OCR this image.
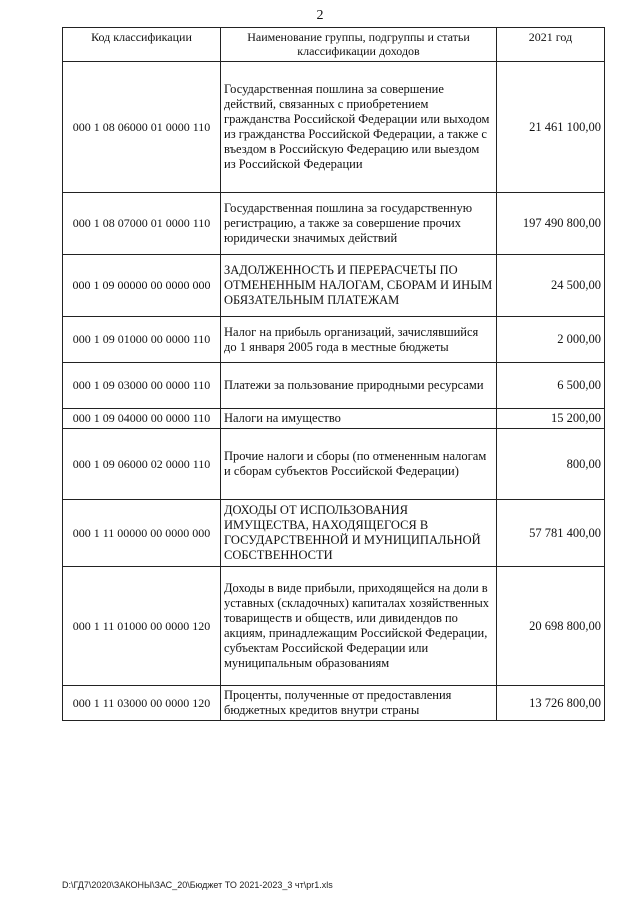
2
Код классификации	Наименование группы, подгруппы и статьи классификации доходов	2021 год
000 1 08 06000 01 0000 110	Государственная пошлина за совершение действий, связанных с приобретением гражданства Российской Федерации или выходом из гражданства Российской Федерации, а также с въездом в Российскую Федерацию или выездом из Российской Федерации	21 461 100,00
000 1 08 07000 01 0000 110	Государственная пошлина за государственную регистрацию, а также за совершение прочих юридически значимых действий	197 490 800,00
000 1 09 00000 00 0000 000	ЗАДОЛЖЕННОСТЬ И ПЕРЕРАСЧЕТЫ ПО ОТМЕНЕННЫМ НАЛОГАМ, СБОРАМ И ИНЫМ ОБЯЗАТЕЛЬНЫМ ПЛАТЕЖАМ	24 500,00
000 1 09 01000 00 0000 110	Налог на прибыль организаций, зачислявшийся до 1 января 2005 года в местные бюджеты	2 000,00
000 1 09 03000 00 0000 110	Платежи за пользование природными ресурсами	6 500,00
000 1 09 04000 00 0000 110	Налоги на имущество	15 200,00
000 1 09 06000 02 0000 110	Прочие налоги и сборы (по отмененным налогам и сборам субъектов Российской Федерации)	800,00
000 1 11 00000 00 0000 000	ДОХОДЫ ОТ ИСПОЛЬЗОВАНИЯ ИМУЩЕСТВА, НАХОДЯЩЕГОСЯ В ГОСУДАРСТВЕННОЙ И МУНИЦИПАЛЬНОЙ СОБСТВЕННОСТИ	57 781 400,00
000 1 11 01000 00 0000 120	Доходы в виде прибыли, приходящейся на доли в уставных (складочных) капиталах хозяйственных товариществ и обществ, или дивидендов по акциям, принадлежащим Российской Федерации, субъектам Российской Федерации или муниципальным образованиям	20 698 800,00
000 1 11 03000 00 0000 120	Проценты, полученные от предоставления бюджетных кредитов внутри страны	13 726 800,00
D:\ГД7\2020\ЗАКОНЫ\ЗАС_20\Бюджет ТО 2021-2023_3 чт\pr1.xls
